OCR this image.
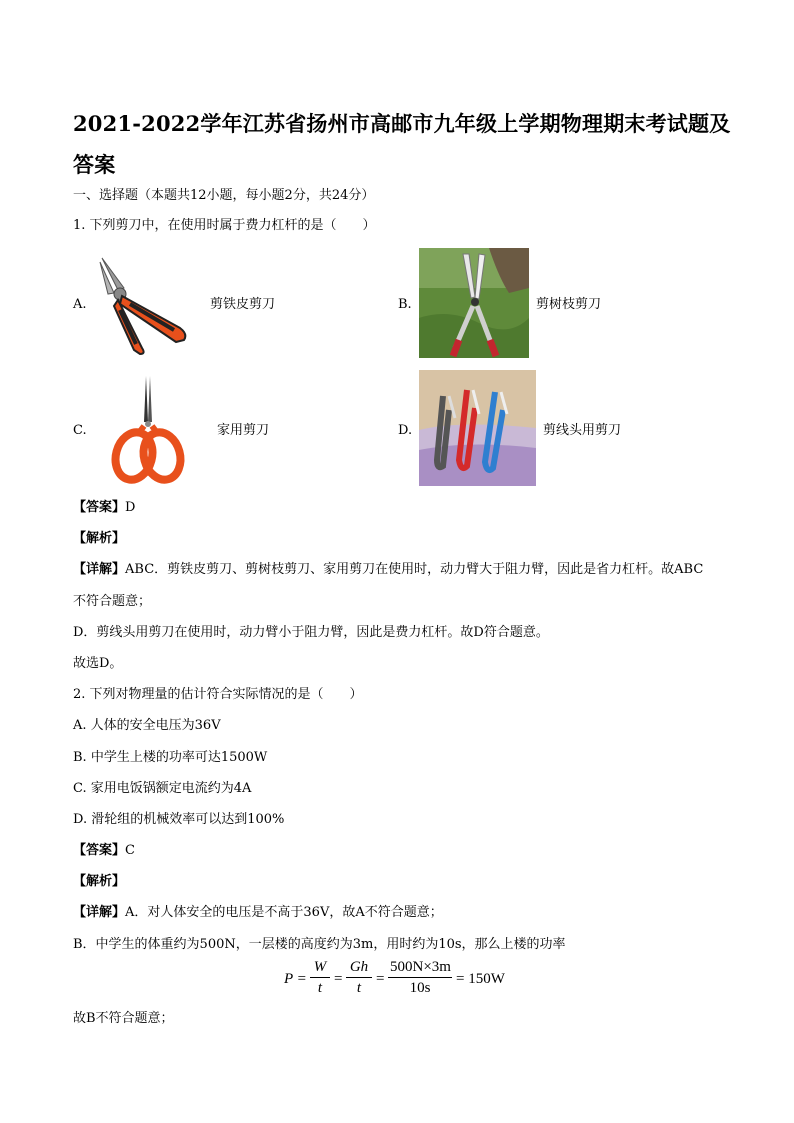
2021-2022学年江苏省扬州市高邮市九年级上学期物理期末考试题及答案
一、选择题（本题共12小题，每小题2分，共24分）
1. 下列剪刀中，在使用时属于费力杠杆的是（　　）
A.	剪铁皮剪刀	B.	剪树枝剪刀
C.	家用剪刀	D.	剪线头用剪刀
【答案】D
【解析】
【详解】ABC．剪铁皮剪刀、剪树枝剪刀、家用剪刀在使用时，动力臂大于阻力臂，因此是省力杠杆。故ABC
不符合题意；
D．剪线头用剪刀在使用时，动力臂小于阻力臂，因此是费力杠杆。故D符合题意。
故选D。
2. 下列对物理量的估计符合实际情况的是（　　）
A. 人体的安全电压为36V
B. 中学生上楼的功率可达1500W
C. 家用电饭锅额定电流约为4A
D. 滑轮组的机械效率可以达到100%
【答案】C
【解析】
【详解】A．对人体安全的电压是不高于36V，故A不符合题意；
B．中学生的体重约为500N，一层楼的高度约为3m，用时约为10s，那么上楼的功率
$P = \frac{W}{t} = \frac{Gh}{t} = \frac{500N\times 3m}{10s} = 150W$
故B不符合题意；
